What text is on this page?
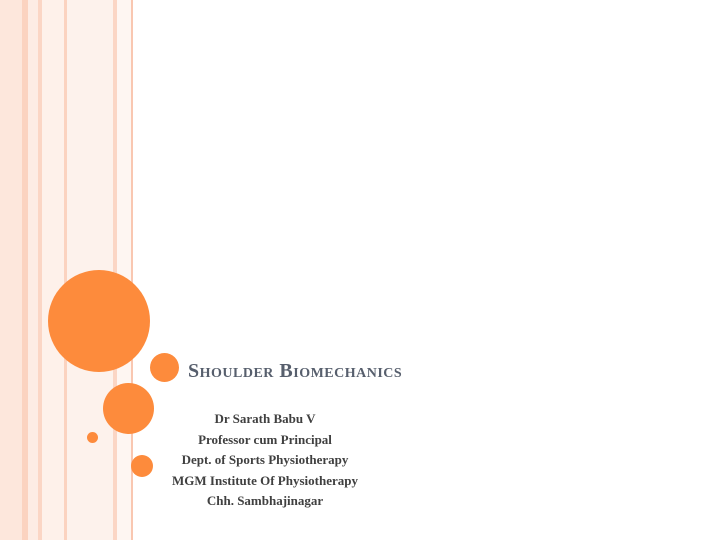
Shoulder Biomechanics
Dr Sarath Babu V
Professor cum Principal
Dept. of Sports Physiotherapy
MGM Institute Of Physiotherapy
Chh. Sambhajinagar
